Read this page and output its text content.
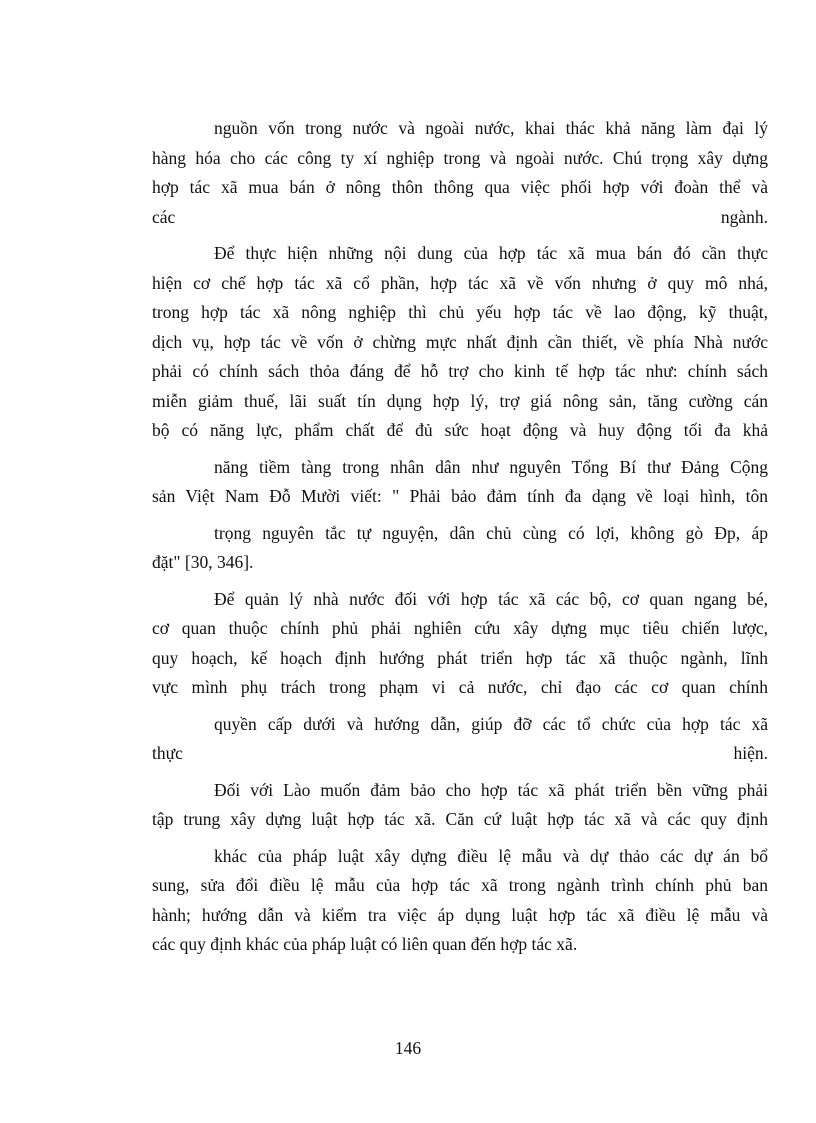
nguồn vốn trong nước và ngoài nước, khai thác khả năng làm đại lý
hàng hóa cho các công ty xí nghiệp trong và ngoài nước. Chú trọng xây dựng
hợp tác xã mua bán ở nông thôn thông qua việc phối hợp với đoàn thể và
các ngành.
Để thực hiện những nội dung của hợp tác xã mua bán đó cần thực
hiện cơ chế hợp tác xã cổ phần, hợp tác xã về vốn nhưng ở quy mô nhá,
trong hợp tác xã nông nghiệp thì chủ yếu hợp tác về lao động, kỹ thuật,
dịch vụ, hợp tác về vốn ở chừng mực nhất định cần thiết, về phía Nhà nước
phải có chính sách thỏa đáng để hỗ trợ cho kinh tế hợp tác như: chính sách
miễn giảm thuế, lãi suất tín dụng hợp lý, trợ giá nông sản, tăng cường cán
bộ có năng lực, phẩm chất để đủ sức hoạt động và huy động tối đa khả
năng tiềm tàng trong nhân dân như nguyên Tổng Bí thư Đảng Cộng
sản Việt Nam Đỗ Mười viết: " Phải bảo đảm tính đa dạng về loại hình, tôn
trọng nguyên tắc tự nguyện, dân chủ cùng có lợi, không gò Đp, áp
đặt" [30, 346].
Để quản lý nhà nước đối với hợp tác xã các bộ, cơ quan ngang bé,
cơ quan thuộc chính phủ phải nghiên cứu xây dựng mục tiêu chiến lược,
quy hoạch, kế hoạch định hướng phát triển hợp tác xã thuộc ngành, lĩnh
vực mình phụ trách trong phạm vi cả nước, chỉ đạo các cơ quan chính
quyền cấp dưới và hướng dẫn, giúp đỡ các tổ chức của hợp tác xã
thực hiện.
Đối với Lào muốn đảm bảo cho hợp tác xã phát triển bền vững phải
tập trung xây dựng luật hợp tác xã. Căn cứ luật hợp tác xã và các quy định
khác của pháp luật xây dựng điều lệ mẫu và dự thảo các dự án bổ
sung, sửa đổi điều lệ mẫu của hợp tác xã trong ngành trình chính phủ ban
hành; hướng dẫn và kiểm tra việc áp dụng luật hợp tác xã điều lệ mẫu và
các quy định khác của pháp luật có liên quan đến hợp tác xã.
146
